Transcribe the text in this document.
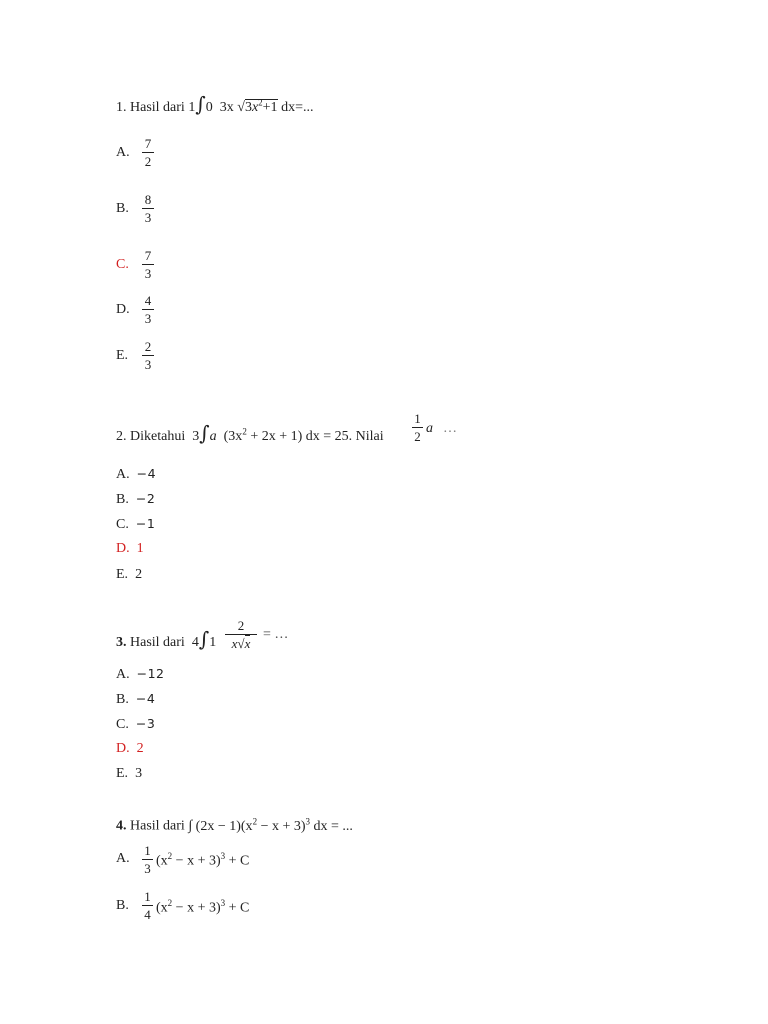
1. Hasil dari 1∫0 3x $√3x^2+1$ dx=...
A.
7
2
B.
8
3
C.
7
3
D.
4
3
E.
2
3
2. Diketahui 3∫a $(3x^2 + 2x + 1)$ dx = 25. Nilai
1
2
a …
A. −4
B. −2
C. −1
D. 1
E. 2
3. Hasil dari 4∫1
2
x√x
= …
A. −12
B. −4
C. −3
D. 2
E. 3
4. Hasil dari ∫ $(2x - 1)(x^2 - x + 3)^3$ dx = ...
A.
1
3 $(x^2 - x + 3)^3 + C$
B.
1
4 $(x^2 - x + 3)^3 + C$
